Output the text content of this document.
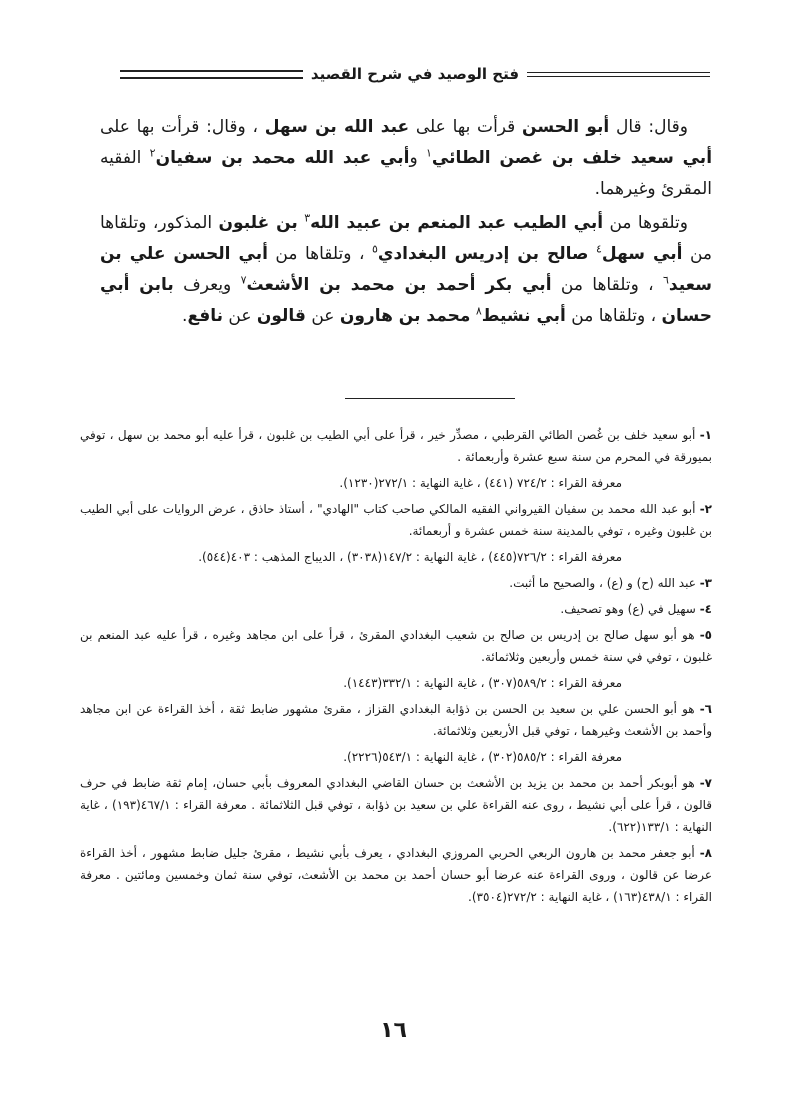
فتح الوصيد في شرح القصيد

وقال: قال أبو الحسن قرأت بها على عبد الله بن سهل ، وقال: قرأت بها على أبي سعيد خلف بن غصن الطائي$^١$ وأبي عبد الله محمد بن سفيان$^٢$ الفقيه المقرئ وغيرهما.

وتلقوها من أبي الطيب عبد المنعم بن عبيد الله$^٣$ بن غلبون المذكور، وتلقاها من أبي سهل$^٤$ صالح بن إدريس البغدادي$^٥$ ، وتلقاها من أبي الحسن علي بن سعيد$^٦$ ، وتلقاها من أبي بكر أحمد بن محمد بن الأشعث$^٧$ ويعرف بابن أبي حسان ، وتلقاها من أبي نشيط$^٨$ محمد بن هارون عن قالون عن نافع.

١- أبو سعيد خلف بن غُصن الطائي القرطبي ، مصدِّر خير ، قرأ على أبي الطيب بن غلبون ، قرأ عليه أبو محمد بن سهل ، توفي بميورقة في المحرم من سنة سبع عشرة وأربعمائة .
معرفة القراء : ٧٢٤/٢ (٤٤١) ، غاية النهاية : ٢٧٢/١(١٢٣٠).
٢- أبو عبد الله محمد بن سفيان القيرواني الفقيه المالكي صاحب كتاب "الهادي" ، أستاذ حاذق ، عرض الروايات على أبي الطيب بن غلبون وغيره ، توفي بالمدينة سنة خمس عشرة و أربعمائة.
معرفة القراء : ٧٢٦/٢(٤٤٥) ، غاية النهاية : ١٤٧/٢(٣٠٣٨) ، الديباج المذهب : ٤٠٣(٥٤٤).
٣- عبد الله (ح) و (ع) ، والصحيح ما أثبت.
٤- سهيل في (ع) وهو تصحيف.
٥- هو أبو سهل صالح بن إدريس بن صالح بن شعيب البغدادي المقرئ ، قرأ على ابن مجاهد وغيره ، قرأ عليه عبد المنعم بن غلبون ، توفي في سنة خمس وأربعين وثلاثمائة.
معرفة القراء : ٥٨٩/٢(٣٠٧) ، غاية النهاية : ٣٣٢/١(١٤٤٣).
٦- هو أبو الحسن علي بن سعيد بن الحسن بن ذؤابة البغدادي القزاز ، مقرئ مشهور ضابط ثقة ، أخذ القراءة عن ابن مجاهد وأحمد بن الأشعث وغيرهما ، توفي قبل الأربعين وثلاثمائة.
معرفة القراء : ٥٨٥/٢(٣٠٢) ، غاية النهاية : ٥٤٣/١(٢٢٢٦).
٧- هو أبوبكر أحمد بن محمد بن يزيد بن الأشعث بن حسان القاضي البغدادي المعروف بأبي حسان، إمام ثقة ضابط في حرف قالون ، قرأ على أبي نشيط ، روى عنه القراءة علي بن سعيد بن ذؤابة ، توفي قبل الثلاثمائة . معرفة القراء : ٤٦٧/١(١٩٣) ، غاية النهاية : ١٣٣/١(٦٢٢).
٨- أبو جعفر محمد بن هارون الربعي الحربي المروزي البغدادي ، يعرف بأبي نشيط ، مقرئ جليل ضابط مشهور ، أخذ القراءة عرضا عن قالون ، وروى القراءة عنه عرضا أبو حسان أحمد بن محمد بن الأشعث، توفي سنة ثمان وخمسين ومائتين . معرفة القراء : ٤٣٨/١(١٦٣) ، غاية النهاية : ٢٧٢/٢(٣٥٠٤).
١٦
